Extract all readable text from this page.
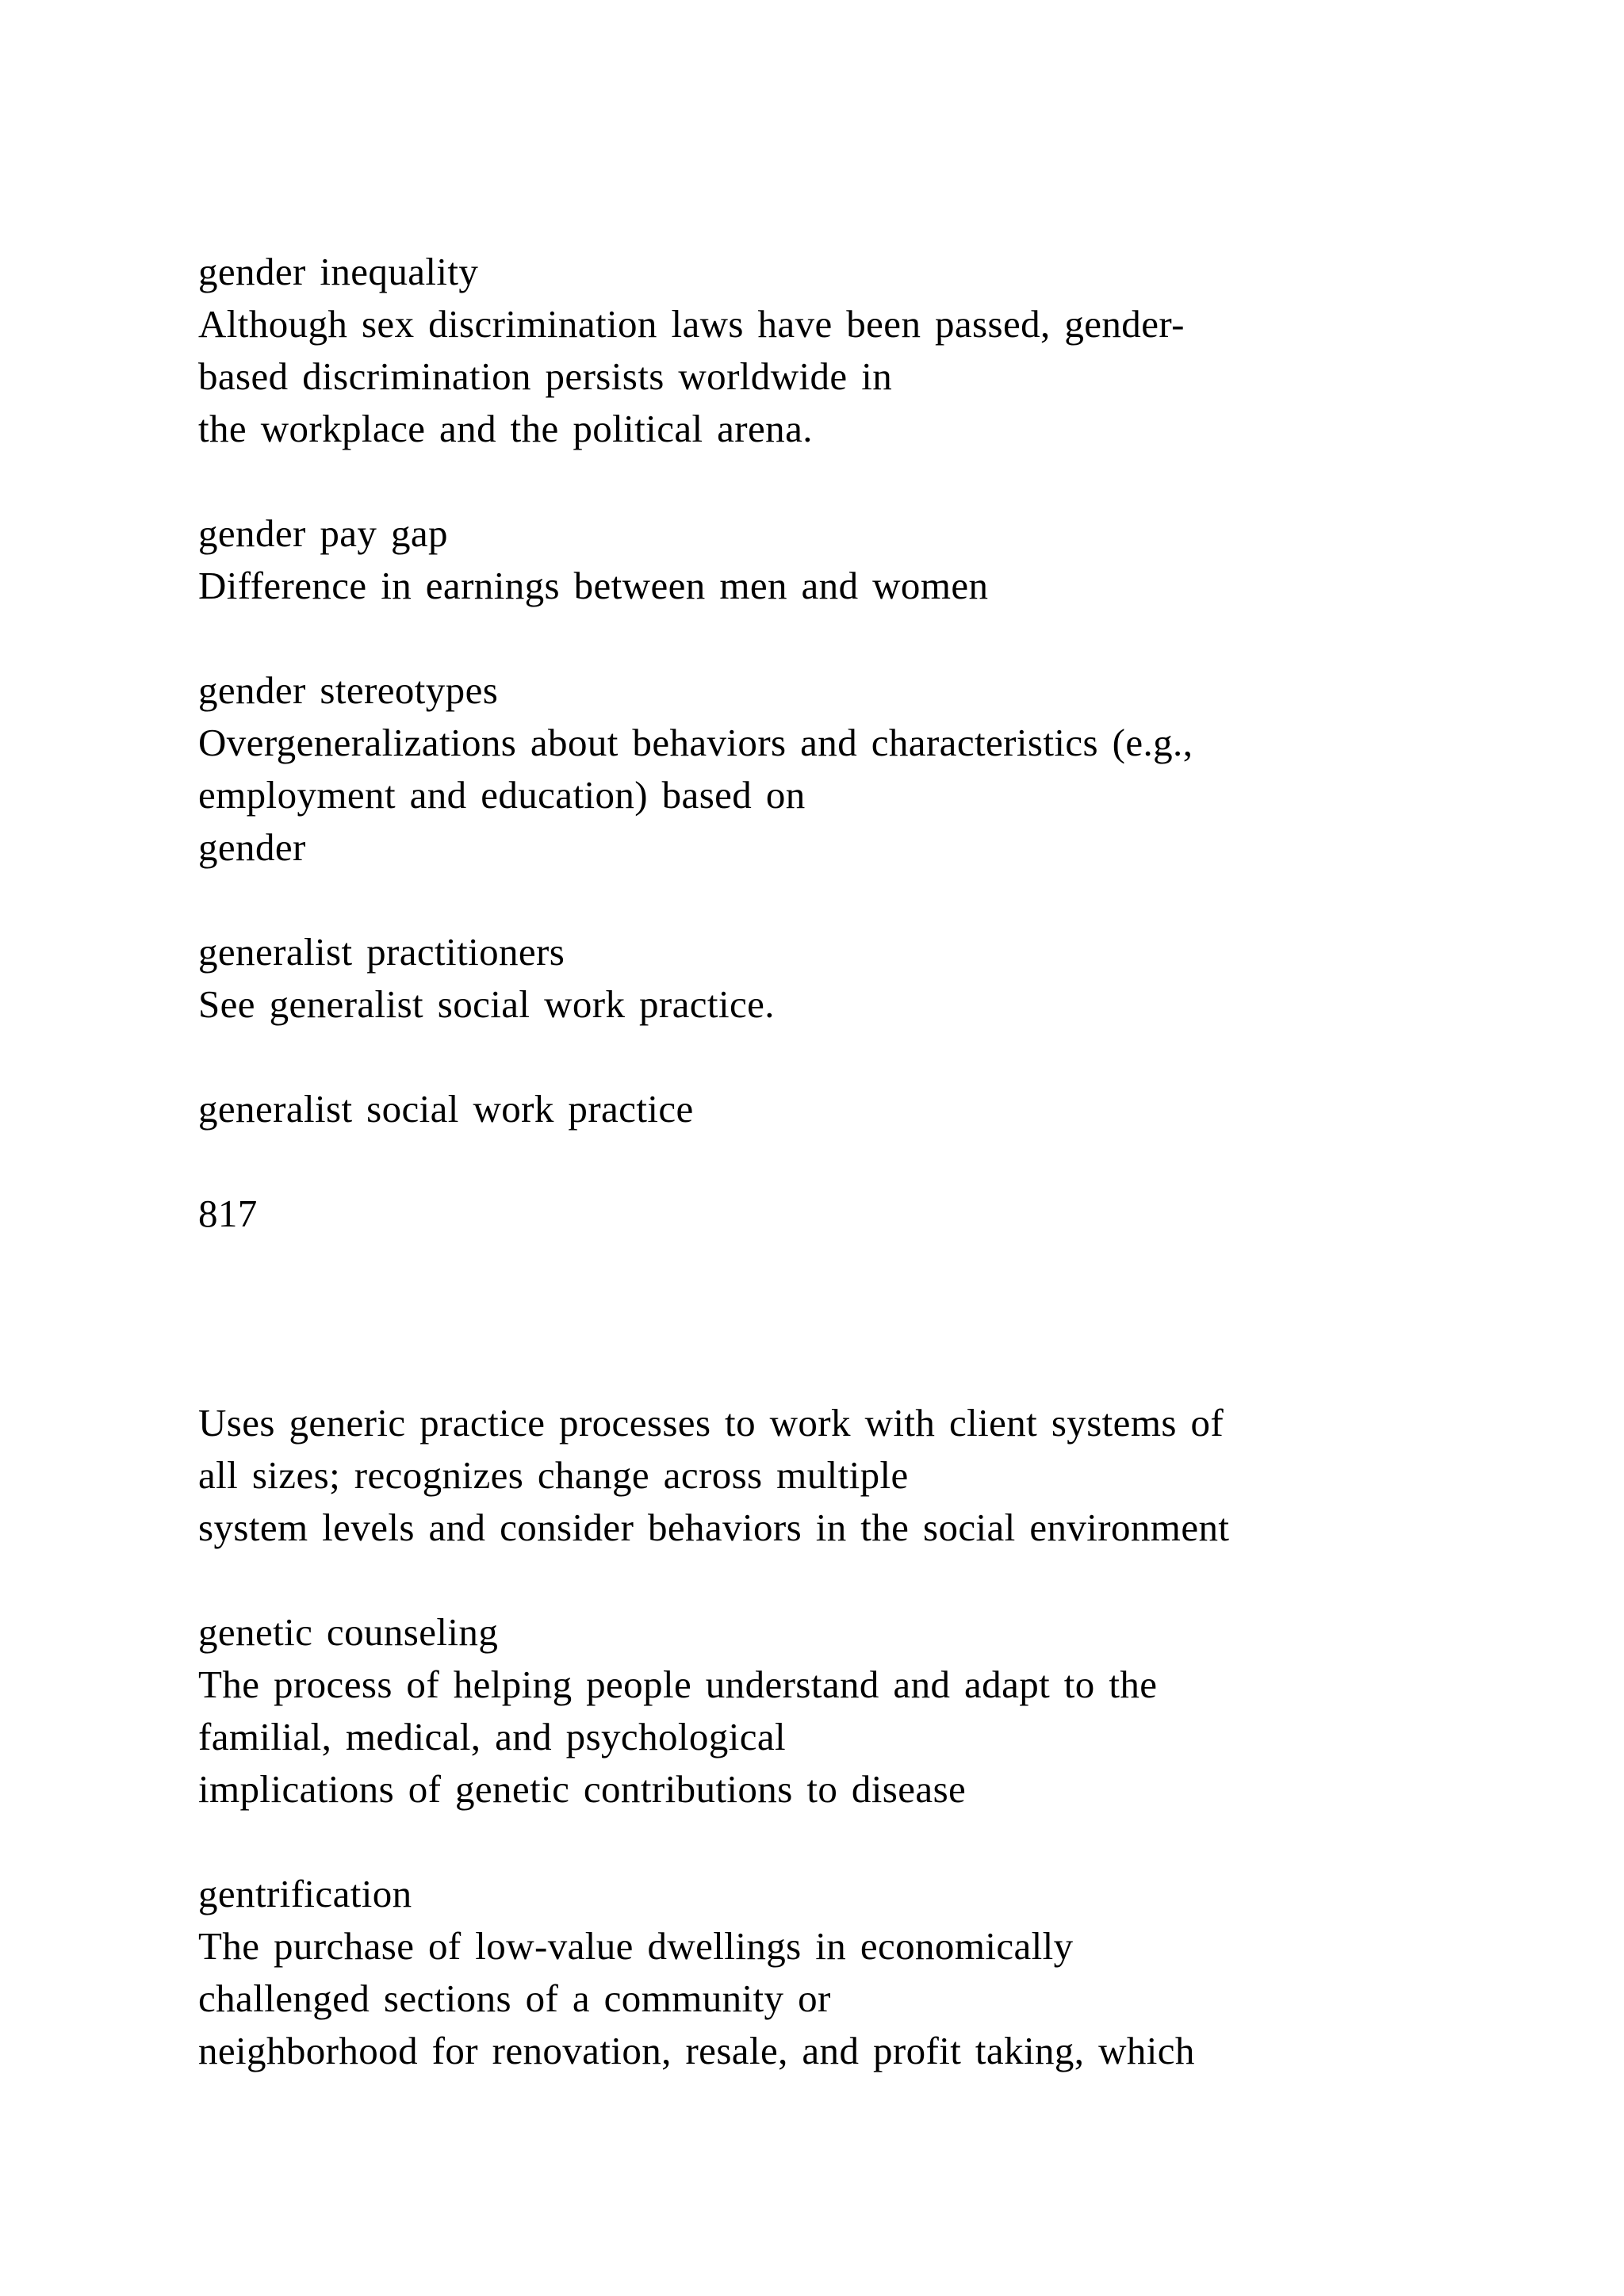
gender inequality
Although sex discrimination laws have been passed, gender-
based discrimination persists worldwide in
the workplace and the political arena.
gender pay gap
Difference in earnings between men and women
gender stereotypes
Overgeneralizations about behaviors and characteristics (e.g.,
employment and education) based on
gender
generalist practitioners
See generalist social work practice.
generalist social work practice
817
Uses generic practice processes to work with client systems of
all sizes; recognizes change across multiple
system levels and consider behaviors in the social environment
genetic counseling
The process of helping people understand and adapt to the
familial, medical, and psychological
implications of genetic contributions to disease
gentrification
The purchase of low-value dwellings in economically
challenged sections of a community or
neighborhood for renovation, resale, and profit taking, which
